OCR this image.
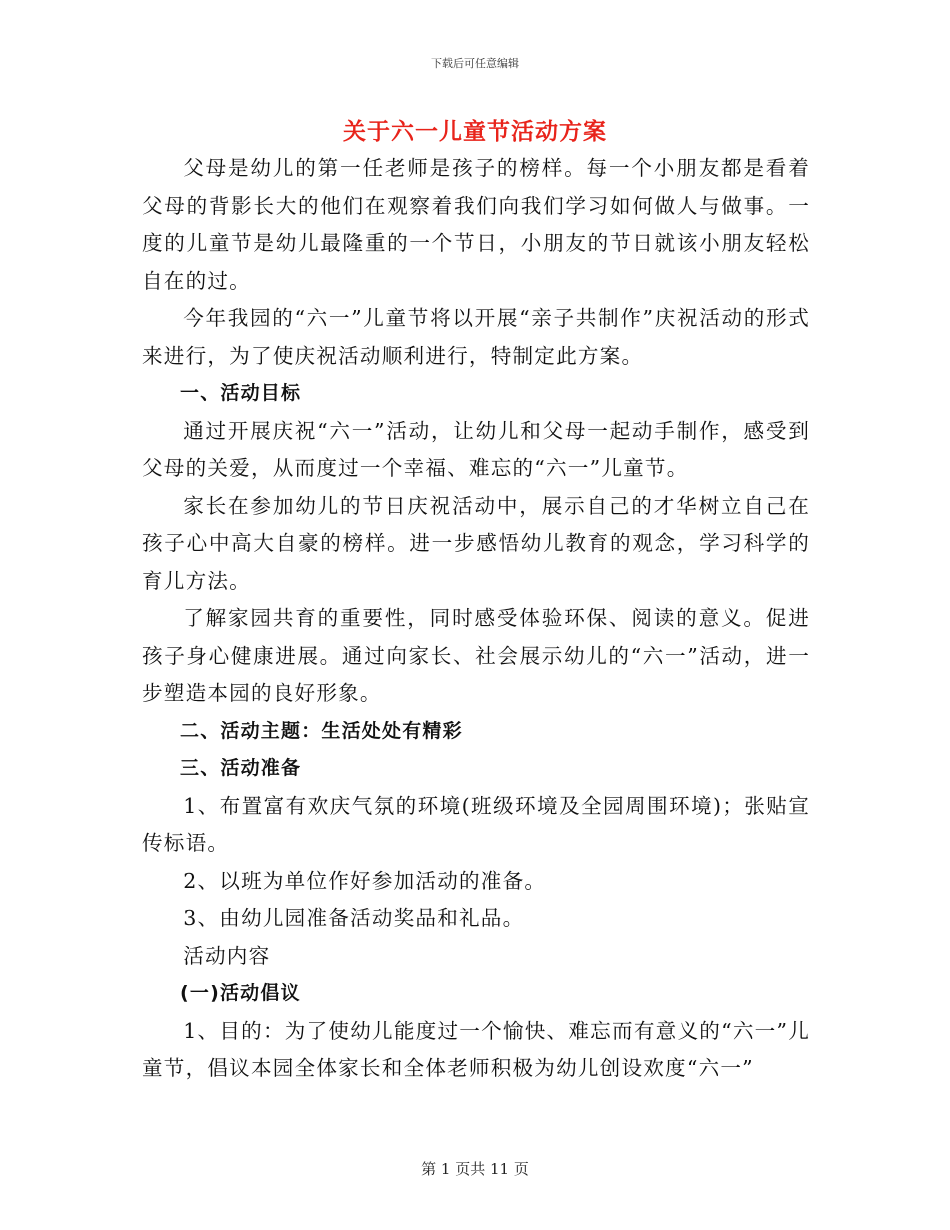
下载后可任意编辑
关于六一儿童节活动方案

父母是幼儿的第一任老师是孩子的榜样。每一个小朋友都是看着父母的背影长大的他们在观察着我们向我们学习如何做人与做事。一度的儿童节是幼儿最隆重的一个节日，小朋友的节日就该小朋友轻松自在的过。

今年我园的“六一”儿童节将以开展“亲子共制作”庆祝活动的形式来进行，为了使庆祝活动顺利进行，特制定此方案。

一、活动目标

通过开展庆祝“六一”活动，让幼儿和父母一起动手制作，感受到父母的关爱，从而度过一个幸福、难忘的“六一”儿童节。

家长在参加幼儿的节日庆祝活动中，展示自己的才华树立自己在孩子心中高大自豪的榜样。进一步感悟幼儿教育的观念，学习科学的育儿方法。

了解家园共育的重要性，同时感受体验环保、阅读的意义。促进孩子身心健康进展。通过向家长、社会展示幼儿的“六一”活动，进一步塑造本园的良好形象。

二、活动主题：生活处处有精彩

三、活动准备

1、布置富有欢庆气氛的环境(班级环境及全园周围环境)；张贴宣传标语。

2、以班为单位作好参加活动的准备。

3、由幼儿园准备活动奖品和礼品。

活动内容

(一)活动倡议

1、目的：为了使幼儿能度过一个愉快、难忘而有意义的“六一”儿童节，倡议本园全体家长和全体老师积极为幼儿创设欢度“六一”

第 1 页共 11 页
